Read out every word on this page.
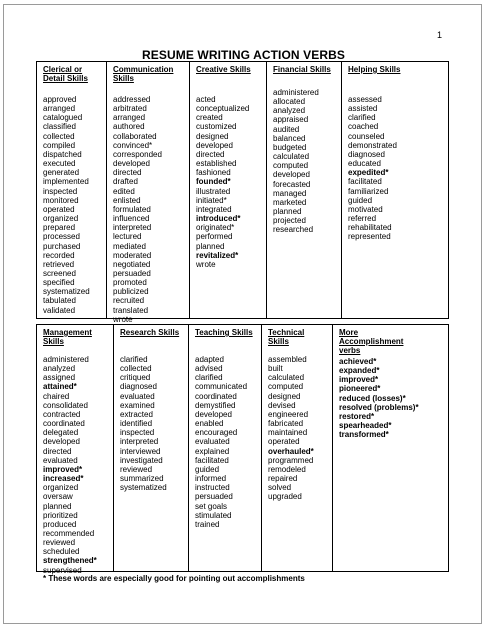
1
RESUME WRITING ACTION VERBS
Clerical or
Detail Skills
approved
arranged
catalogued
classified
collected
compiled
dispatched
executed
generated
implemented
inspected
monitored
operated
organized
prepared
processed
purchased
recorded
retrieved
screened
specified
systematized
tabulated
validated
Communication
Skills
addressed
arbitrated
arranged
authored
collaborated
convinced*
corresponded
developed
directed
drafted
edited
enlisted
formulated
influenced
interpreted
lectured
mediated
moderated
negotiated
persuaded
promoted
publicized
recruited
translated
wrote
Creative Skills
acted
conceptualized
created
customized
designed
developed
directed
established
fashioned
founded*
illustrated
initiated*
integrated
introduced*
originated*
performed
planned
revitalized*
wrote
Financial Skills
administered
allocated
analyzed
appraised
audited
balanced
budgeted
calculated
computed
developed
forecasted
managed
marketed
planned
projected
researched
Helping Skills
assessed
assisted
clarified
coached
counseled
demonstrated
diagnosed
educated
expedited*
facilitated
familiarized
guided
motivated
referred
rehabilitated
represented
Management
Skills
administered
analyzed
assigned
attained*
chaired
consolidated
contracted
coordinated
delegated
developed
directed
evaluated
improved*
increased*
organized
oversaw
planned
prioritized
produced
recommended
reviewed
scheduled
strengthened*
supervised
Research Skills
clarified
collected
critiqued
diagnosed
evaluated
examined
extracted
identified
inspected
interpreted
interviewed
investigated
reviewed
summarized
systematized
Teaching Skills
adapted
advised
clarified
communicated
coordinated
demystified
developed
enabled
encouraged
evaluated
explained
facilitated
guided
informed
instructed
persuaded
set goals
stimulated
trained
Technical
Skills
assembled
built
calculated
computed
designed
devised
engineered
fabricated
maintained
operated
overhauled*
programmed
remodeled
repaired
solved
upgraded
More
Accomplishment
verbs
achieved*
expanded*
improved*
pioneered*
reduced (losses)*
resolved (problems)*
restored*
spearheaded*
transformed*
* These words are especially good for pointing out accomplishments
